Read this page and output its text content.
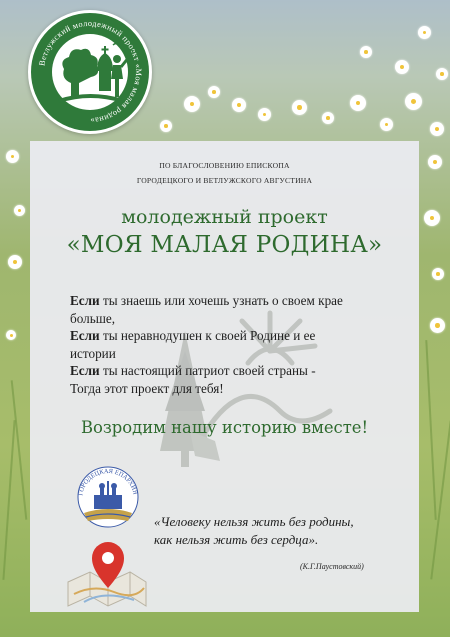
Ветлужский молодежный проект «Моя малая родина»
ПО БЛАГОСЛОВЕНИЮ ЕПИСКОПА
ГОРОДЕЦКОГО И ВЕТЛУЖСКОГО АВГУСТИНА
молодежный проект
«МОЯ МАЛАЯ РОДИНА»
Если ты знаешь или хочешь узнать о своем крае
больше,
Если ты неравнодушен к своей Родине и ее
истории
Если ты настоящий патриот своей страны -
Тогда этот проект для тебя!
Возродим нашу историю вместе!
ГОРОДЕЦКАЯ ЕПАРХИЯ
«Человеку нельзя жить без родины,
как нельзя жить без сердца».
(К.Г.Паустовский)
